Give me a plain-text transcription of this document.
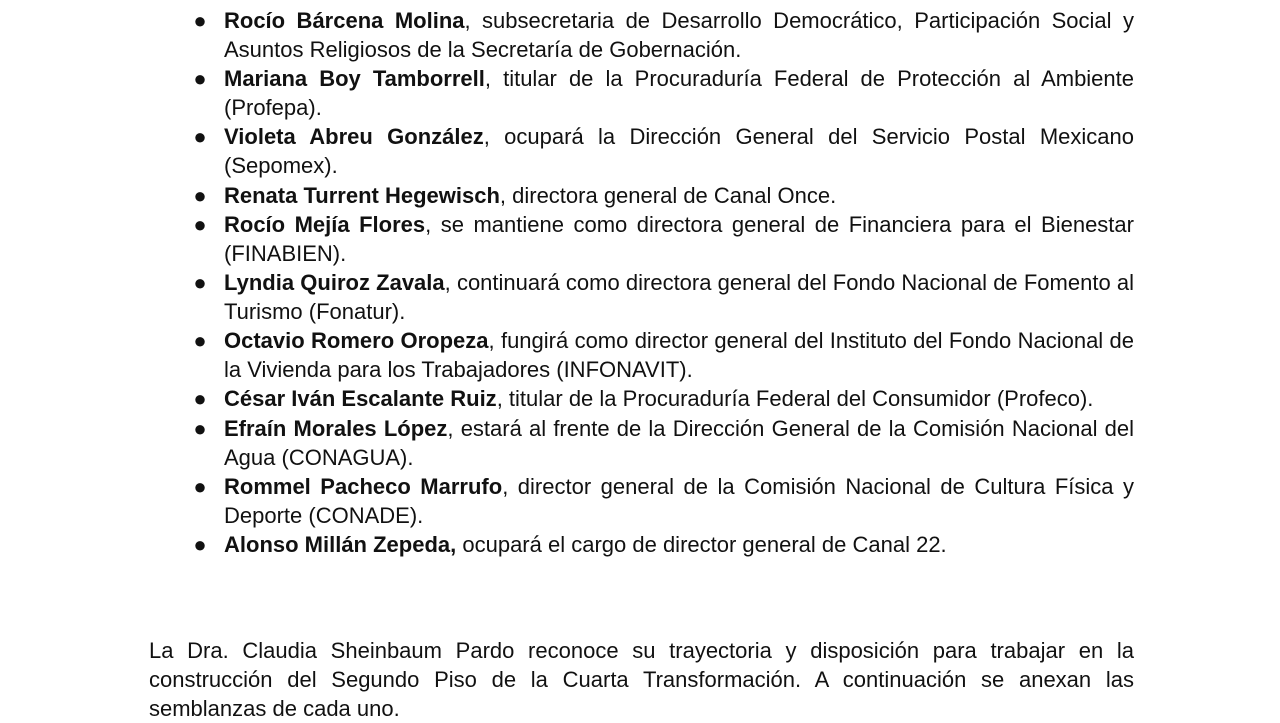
● Rocío Bárcena Molina, subsecretaria de Desarrollo Democrático, Participación Social y Asuntos Religiosos de la Secretaría de Gobernación.
● Mariana Boy Tamborrell, titular de la Procuraduría Federal de Protección al Ambiente (Profepa).
● Violeta Abreu González, ocupará la Dirección General del Servicio Postal Mexicano (Sepomex).
● Renata Turrent Hegewisch, directora general de Canal Once.
● Rocío Mejía Flores, se mantiene como directora general de Financiera para el Bienestar (FINABIEN).
● Lyndia Quiroz Zavala, continuará como directora general del Fondo Nacional de Fomento al Turismo (Fonatur).
● Octavio Romero Oropeza, fungirá como director general del Instituto del Fondo Nacional de la Vivienda para los Trabajadores (INFONAVIT).
● César Iván Escalante Ruiz, titular de la Procuraduría Federal del Consumidor (Profeco).
● Efraín Morales López, estará al frente de la Dirección General de la Comisión Nacional del Agua (CONAGUA).
● Rommel Pacheco Marrufo, director general de la Comisión Nacional de Cultura Física y Deporte (CONADE).
● Alonso Millán Zepeda, ocupará el cargo de director general de Canal 22.

La Dra. Claudia Sheinbaum Pardo reconoce su trayectoria y disposición para trabajar en la construcción del Segundo Piso de la Cuarta Transformación. A continuación se anexan las semblanzas de cada uno.
